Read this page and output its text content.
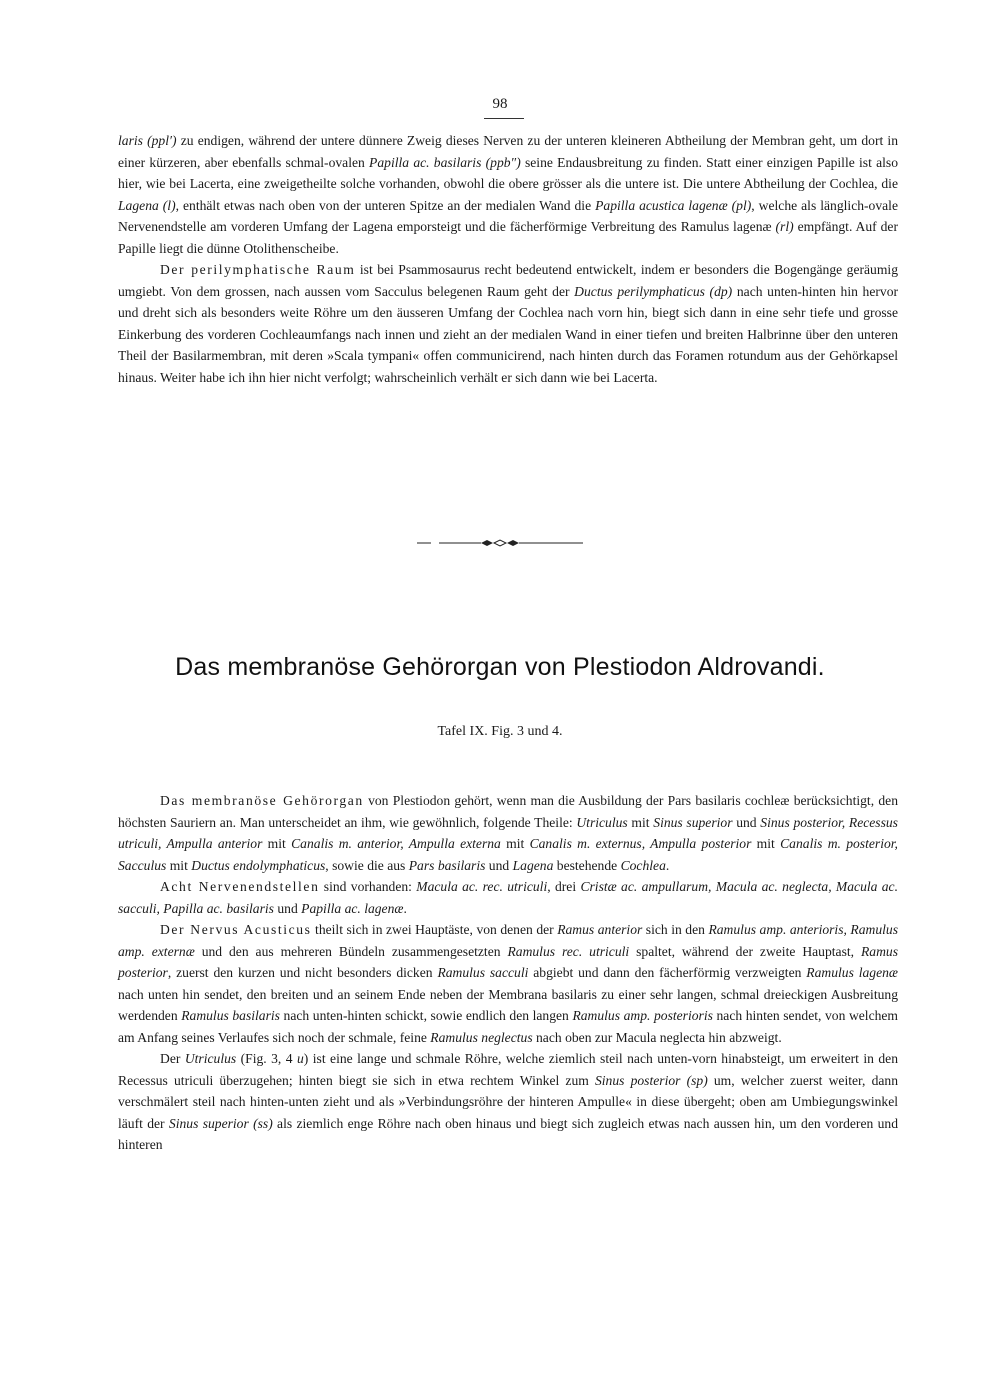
98

laris (ppl′) zu endigen, während der untere dünnere Zweig dieses Nerven zu der unteren kleineren Abtheilung der Membran geht, um dort in einer kürzeren, aber ebenfalls schmal-ovalen Papilla ac. basilaris (ppb″) seine Endausbreitung zu finden. Statt einer einzigen Papille ist also hier, wie bei Lacerta, eine zweigetheilte solche vorhanden, obwohl die obere grösser als die untere ist. Die untere Abtheilung der Cochlea, die Lagena (l), enthält etwas nach oben von der unteren Spitze an der medialen Wand die Papilla acustica lagenæ (pl), welche als länglich-ovale Nervenendstelle am vorderen Umfang der Lagena emporsteigt und die fächerförmige Verbreitung des Ramulus lagenæ (rl) empfängt. Auf der Papille liegt die dünne Otolithenscheibe.

Der perilymphatische Raum ist bei Psammosaurus recht bedeutend entwickelt, indem er besonders die Bogengänge geräumig umgiebt. Von dem grossen, nach aussen vom Sacculus belegenen Raum geht der Ductus perilymphaticus (dp) nach unten-hinten hin hervor und dreht sich als besonders weite Röhre um den äusseren Umfang der Cochlea nach vorn hin, biegt sich dann in eine sehr tiefe und grosse Einkerbung des vorderen Cochleaumfangs nach innen und zieht an der medialen Wand in einer tiefen und breiten Halbrinne über den unteren Theil der Basilarmembran, mit deren »Scala tympani« offen communicirend, nach hinten durch das Foramen rotundum aus der Gehörkapsel hinaus. Weiter habe ich ihn hier nicht verfolgt; wahrscheinlich verhält er sich dann wie bei Lacerta.

Das membranöse Gehörorgan von Plestiodon Aldrovandi.
Tafel IX. Fig. 3 und 4.

Das membranöse Gehörorgan von Plestiodon gehört, wenn man die Ausbildung der Pars basilaris cochleæ berücksichtigt, den höchsten Sauriern an. Man unterscheidet an ihm, wie gewöhnlich, folgende Theile: Utriculus mit Sinus superior und Sinus posterior, Recessus utriculi, Ampulla anterior mit Canalis m. anterior, Ampulla externa mit Canalis m. externus, Ampulla posterior mit Canalis m. posterior, Sacculus mit Ductus endolymphaticus, sowie die aus Pars basilaris und Lagena bestehende Cochlea.

Acht Nervenendstellen sind vorhanden: Macula ac. rec. utriculi, drei Cristæ ac. ampullarum, Macula ac. neglecta, Macula ac. sacculi, Papilla ac. basilaris und Papilla ac. lagenæ.

Der Nervus Acusticus theilt sich in zwei Hauptäste, von denen der Ramus anterior sich in den Ramulus amp. anterioris, Ramulus amp. externæ und den aus mehreren Bündeln zusammengesetzten Ramulus rec. utriculi spaltet, während der zweite Hauptast, Ramus posterior, zuerst den kurzen und nicht besonders dicken Ramulus sacculi abgiebt und dann den fächerförmig verzweigten Ramulus lagenæ nach unten hin sendet, den breiten und an seinem Ende neben der Membrana basilaris zu einer sehr langen, schmal dreieckigen Ausbreitung werdenden Ramulus basilaris nach unten-hinten schickt, sowie endlich den langen Ramulus amp. posterioris nach hinten sendet, von welchem am Anfang seines Verlaufes sich noch der schmale, feine Ramulus neglectus nach oben zur Macula neglecta hin abzweigt.

Der Utriculus (Fig. 3, 4 u) ist eine lange und schmale Röhre, welche ziemlich steil nach unten-vorn hinabsteigt, um erweitert in den Recessus utriculi überzugehen; hinten biegt sie sich in etwa rechtem Winkel zum Sinus posterior (sp) um, welcher zuerst weiter, dann verschmälert steil nach hinten-unten zieht und als »Verbindungsröhre der hinteren Ampulle« in diese übergeht; oben am Umbiegungswinkel läuft der Sinus superior (ss) als ziemlich enge Röhre nach oben hinaus und biegt sich zugleich etwas nach aussen hin, um den vorderen und hinteren
